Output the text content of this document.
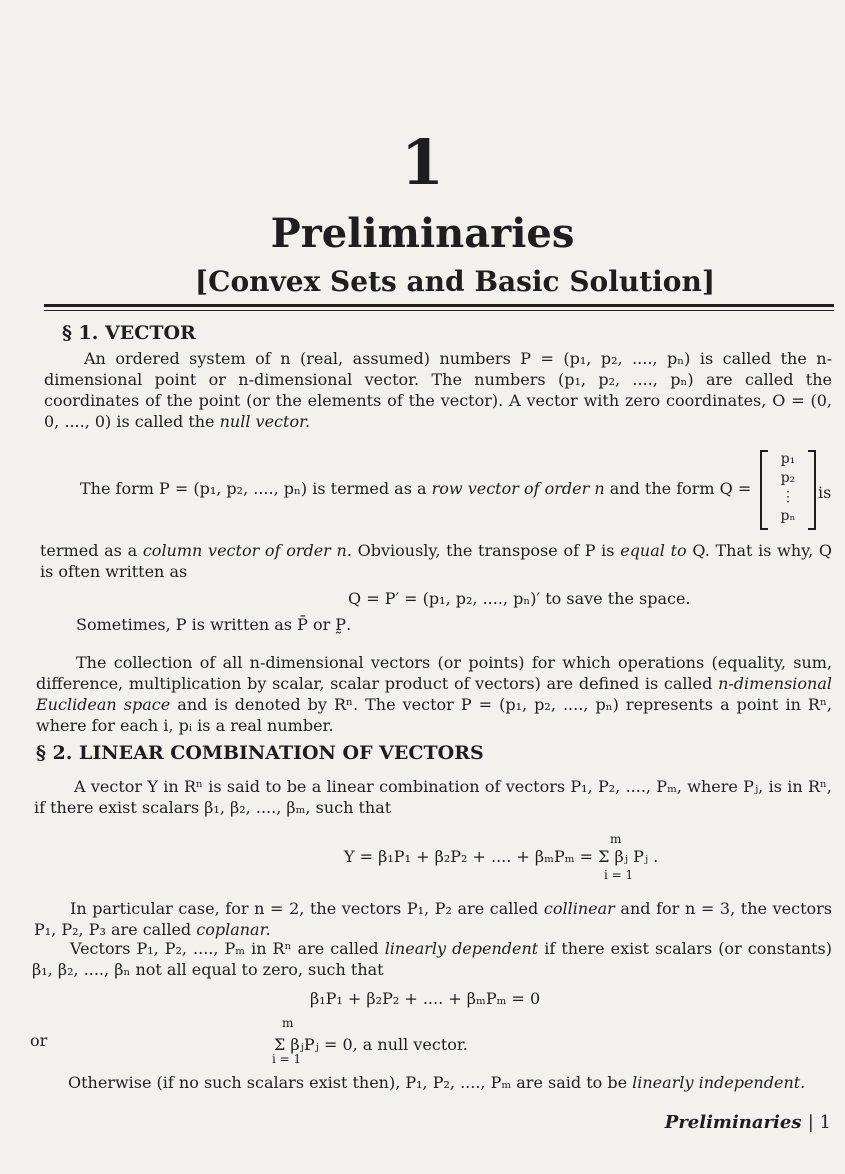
1
Preliminaries
[Convex Sets and Basic Solution]
§ 1. VECTOR
An ordered system of n (real, assumed) numbers P = (p₁, p₂, ...., pₙ) is called the n-dimensional point or n-dimensional vector. The numbers (p₁, p₂, ...., pₙ) are called the coordinates of the point (or the elements of the vector). A vector with zero coordinates, O = (0, 0, ...., 0) is called the null vector.
The form P = (p₁, p₂, ...., pₙ) is termed as a row vector of order n and the form Q =
p₁
p₂
⋮
pₙ
is
termed as a column vector of order n. Obviously, the transpose of P is equal to Q. That is why, Q is often written as
Q = P′ = (p₁, p₂, ...., pₙ)′ to save the space.
Sometimes, P is written as P̄ or P̰.
The collection of all n-dimensional vectors (or points) for which operations (equality, sum, difference, multiplication by scalar, scalar product of vectors) are defined is called n-dimensional Euclidean space and is denoted by Rⁿ. The vector P = (p₁, p₂, ...., pₙ) represents a point in Rⁿ, where for each i, pᵢ is a real number.
§ 2. LINEAR COMBINATION OF VECTORS
A vector Y in Rⁿ is said to be a linear combination of vectors P₁, P₂, ...., Pₘ, where Pⱼ, is in Rⁿ, if there exist scalars β₁, β₂, ...., βₘ, such that
m
Y = β₁P₁ + β₂P₂ + .... + βₘPₘ = Σ βⱼ Pⱼ .
i = 1
In particular case, for n = 2, the vectors P₁, P₂ are called collinear and for n = 3, the vectors P₁, P₂, P₃ are called coplanar.
Vectors P₁, P₂, ...., Pₘ in Rⁿ are called linearly dependent if there exist scalars (or constants) β₁, β₂, ...., βₙ not all equal to zero, such that
β₁P₁ + β₂P₂ + .... + βₘPₘ = 0
or
m
Σ βⱼPⱼ = 0, a null vector.
i = 1
Otherwise (if no such scalars exist then), P₁, P₂, ...., Pₘ are said to be linearly independent.
Preliminaries | 1
